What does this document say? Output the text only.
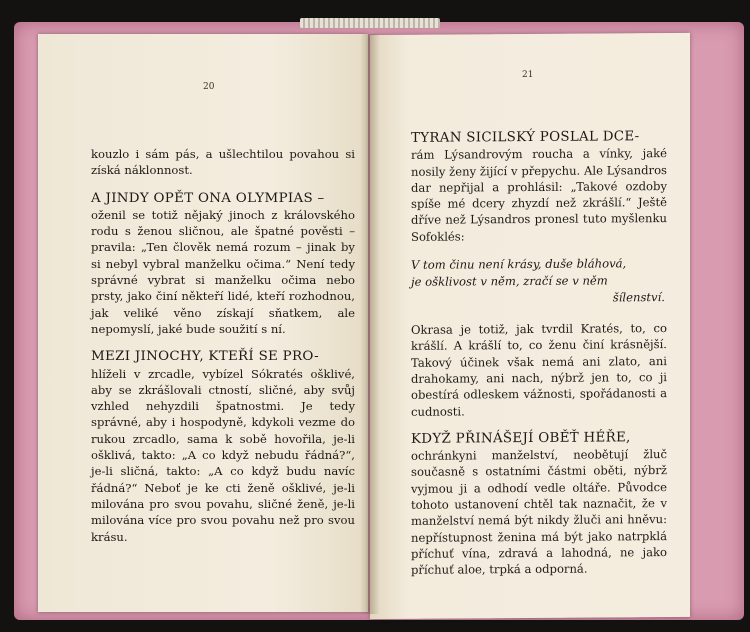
20

kouzlo i sám pás, a ušlechtilou povahou si získá náklonnost.

A JINDY OPĚT ONA OLYMPIAS –
oženil se totiž nějaký jinoch z královského rodu s ženou sličnou, ale špatné pověsti – pravila: „Ten člověk nemá rozum – jinak by si nebyl vybral manželku očima.“ Není tedy správné vybrat si manželku očima nebo prsty, jako činí někteří lidé, kteří rozhodnou, jak veliké věno získají sňatkem, ale nepomyslí, jaké bude soužití s ní.

MEZI JINOCHY, KTEŘÍ SE PRO-
hlíželi v zrcadle, vybízel Sókratés ošklivé, aby se zkrášlovali ctností, sličné, aby svůj vzhled nehyzdili špatnostmi. Je tedy správné, aby i hospodyně, kdykoli vezme do rukou zrcadlo, sama k sobě hovořila, je-li ošklivá, takto: „A co když nebudu řádná?“, je-li sličná, takto: „A co když budu navíc řádná?“ Neboť je ke cti ženě ošklivé, je-li milována pro svou povahu, sličné ženě, je-li milována více pro svou povahu než pro svou krásu.

21

TYRAN SICILSKÝ POSLAL DCE-
rám Lýsandrovým roucha a vínky, jaké nosily ženy žijící v přepychu. Ale Lýsandros dar nepřijal a prohlásil: „Takové ozdoby spíše mé dcery zhyzdí než zkrášlí.“ Ještě dříve než Lýsandros pronesl tuto myšlenku Sofoklés:

V tom činu není krásy, duše bláhová,
je ošklivost v něm, zračí se v něm
šílenství.

Okrasa je totiž, jak tvrdil Kratés, to, co krášlí. A krášlí to, co ženu činí krásnější. Takový účinek však nemá ani zlato, ani drahokamy, ani nach, nýbrž jen to, co ji obestírá odleskem vážnosti, spořádanosti a cudnosti.

KDYŽ PŘINÁŠEJÍ OBĚŤ HÉŘE,
ochránkyni manželství, neobětují žluč současně s ostatními částmi oběti, nýbrž vyjmou ji a odhodí vedle oltáře. Původce tohoto ustanovení chtěl tak naznačit, že v manželství nemá být nikdy žluči ani hněvu: nepřístupnost ženina má být jako natrpklá příchuť vína, zdravá a lahodná, ne jako příchuť aloe, trpká a odporná.
